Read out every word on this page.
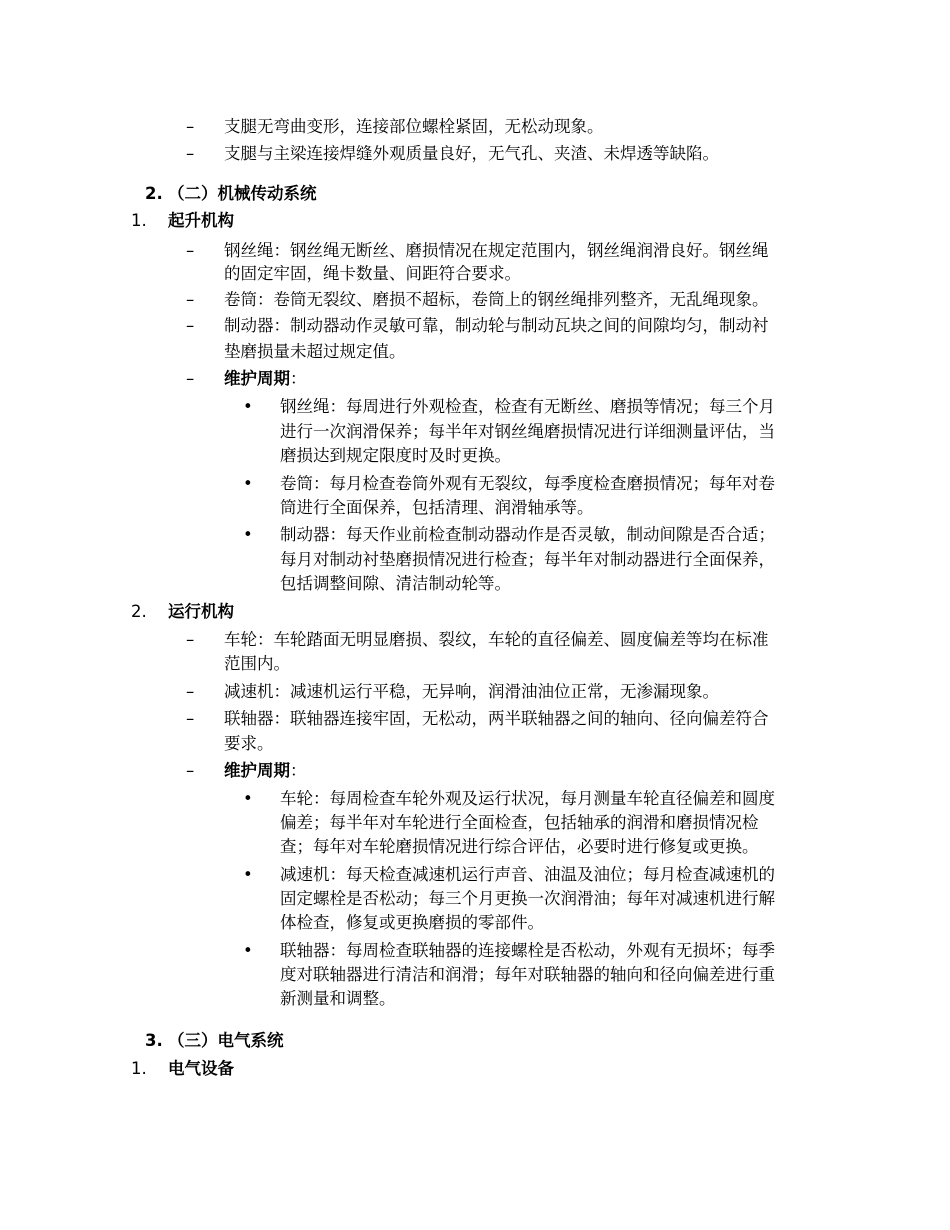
– 支腿无弯曲变形，连接部位螺栓紧固，无松动现象。
– 支腿与主梁连接焊缝外观质量良好，无气孔、夹渣、未焊透等缺陷。
2. （二）机械传动系统
1. 起升机构
– 钢丝绳：钢丝绳无断丝、磨损情况在规定范围内，钢丝绳润滑良好。钢丝绳
的固定牢固，绳卡数量、间距符合要求。
– 卷筒：卷筒无裂纹、磨损不超标，卷筒上的钢丝绳排列整齐，无乱绳现象。
– 制动器：制动器动作灵敏可靠，制动轮与制动瓦块之间的间隙均匀，制动衬
垫磨损量未超过规定值。
– 维护周期：
• 钢丝绳：每周进行外观检查，检查有无断丝、磨损等情况；每三个月
进行一次润滑保养；每半年对钢丝绳磨损情况进行详细测量评估，当
磨损达到规定限度时及时更换。
• 卷筒：每月检查卷筒外观有无裂纹，每季度检查磨损情况；每年对卷
筒进行全面保养，包括清理、润滑轴承等。
• 制动器：每天作业前检查制动器动作是否灵敏，制动间隙是否合适；
每月对制动衬垫磨损情况进行检查；每半年对制动器进行全面保养，
包括调整间隙、清洁制动轮等。
2. 运行机构
– 车轮：车轮踏面无明显磨损、裂纹，车轮的直径偏差、圆度偏差等均在标准
范围内。
– 减速机：减速机运行平稳，无异响，润滑油油位正常，无渗漏现象。
– 联轴器：联轴器连接牢固，无松动，两半联轴器之间的轴向、径向偏差符合
要求。
– 维护周期：
• 车轮：每周检查车轮外观及运行状况，每月测量车轮直径偏差和圆度
偏差；每半年对车轮进行全面检查，包括轴承的润滑和磨损情况检
查；每年对车轮磨损情况进行综合评估，必要时进行修复或更换。
• 减速机：每天检查减速机运行声音、油温及油位；每月检查减速机的
固定螺栓是否松动；每三个月更换一次润滑油；每年对减速机进行解
体检查，修复或更换磨损的零部件。
• 联轴器：每周检查联轴器的连接螺栓是否松动，外观有无损坏；每季
度对联轴器进行清洁和润滑；每年对联轴器的轴向和径向偏差进行重
新测量和调整。
3. （三）电气系统
1. 电气设备
